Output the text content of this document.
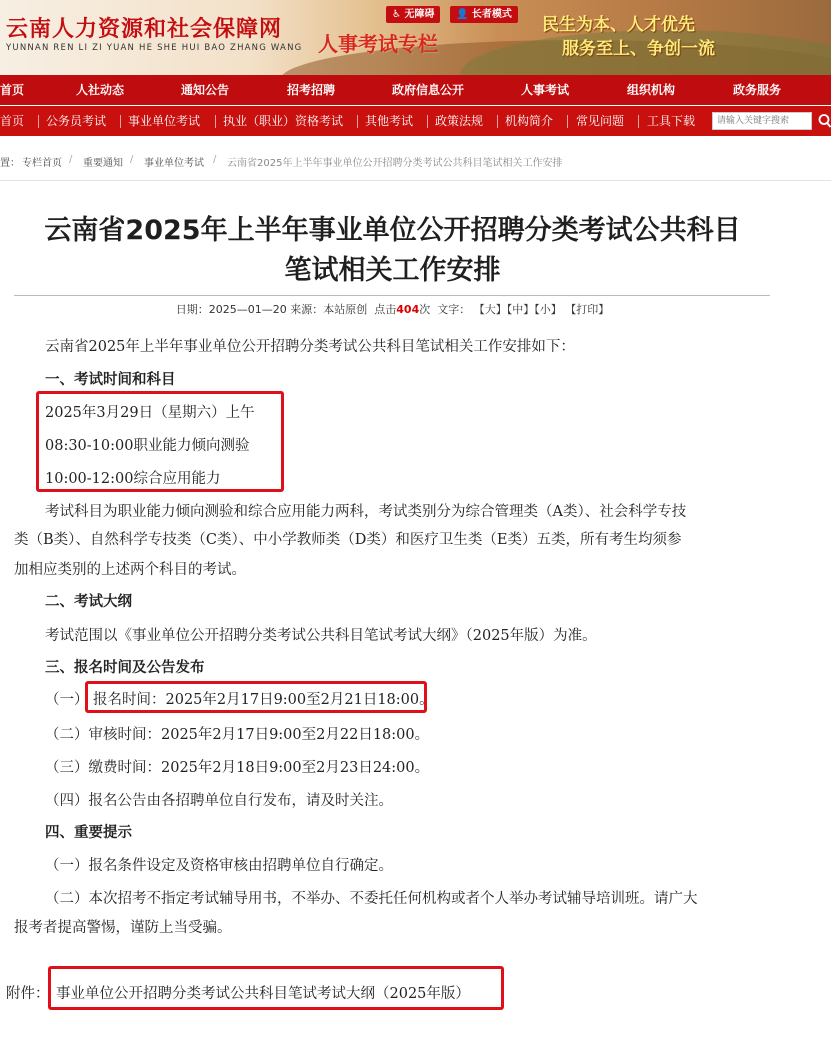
云南人力资源和社会保障网
YUNNAN REN LI ZI YUAN HE SHE HUI BAO ZHANG WANG 人事考试专栏
♿ 无障碍	👤 长者模式
民生为本、人才优先
服务至上、争创一流
首页	人社动态	通知公告	招考招聘	政府信息公开	人事考试	组织机构	政务服务
首页 公务员考试 事业单位考试 执业（职业）资格考试 其他考试 政策法规 机构简介 常见问题 工具下载
请输入关键字搜索
置： 专栏首页 / 重要通知 / 事业单位考试 / 云南省2025年上半年事业单位公开招聘分类考试公共科目笔试相关工作安排
云南省2025年上半年事业单位公开招聘分类考试公共科目
笔试相关工作安排
日期：2025—01—20 来源：本站原创 点击404次 文字： 【大】【中】【小】 【打印】
云南省2025年上半年事业单位公开招聘分类考试公共科目笔试相关工作安排如下：
一、考试时间和科目
2025年3月29日（星期六）上午
08:30-10:00职业能力倾向测验
10:00-12:00综合应用能力
考试科目为职业能力倾向测验和综合应用能力两科，考试类别分为综合管理类（A类）、社会科学专技
类（B类）、自然科学专技类（C类）、中小学教师类（D类）和医疗卫生类（E类）五类，所有考生均须参
加相应类别的上述两个科目的考试。
二、考试大纲
考试范围以《事业单位公开招聘分类考试公共科目笔试考试大纲》（2025年版）为准。
三、报名时间及公告发布
（一） 报名时间：2025年2月17日9:00至2月21日18:00。
（二）审核时间：2025年2月17日9:00至2月22日18:00。
（三）缴费时间：2025年2月18日9:00至2月23日24:00。
（四）报名公告由各招聘单位自行发布，请及时关注。
四、重要提示
（一）报名条件设定及资格审核由招聘单位自行确定。
（二）本次招考不指定考试辅导用书，不举办、不委托任何机构或者个人举办考试辅导培训班。请广大
报考者提高警惕，谨防上当受骗。
附件： 事业单位公开招聘分类考试公共科目笔试考试大纲（2025年版）
